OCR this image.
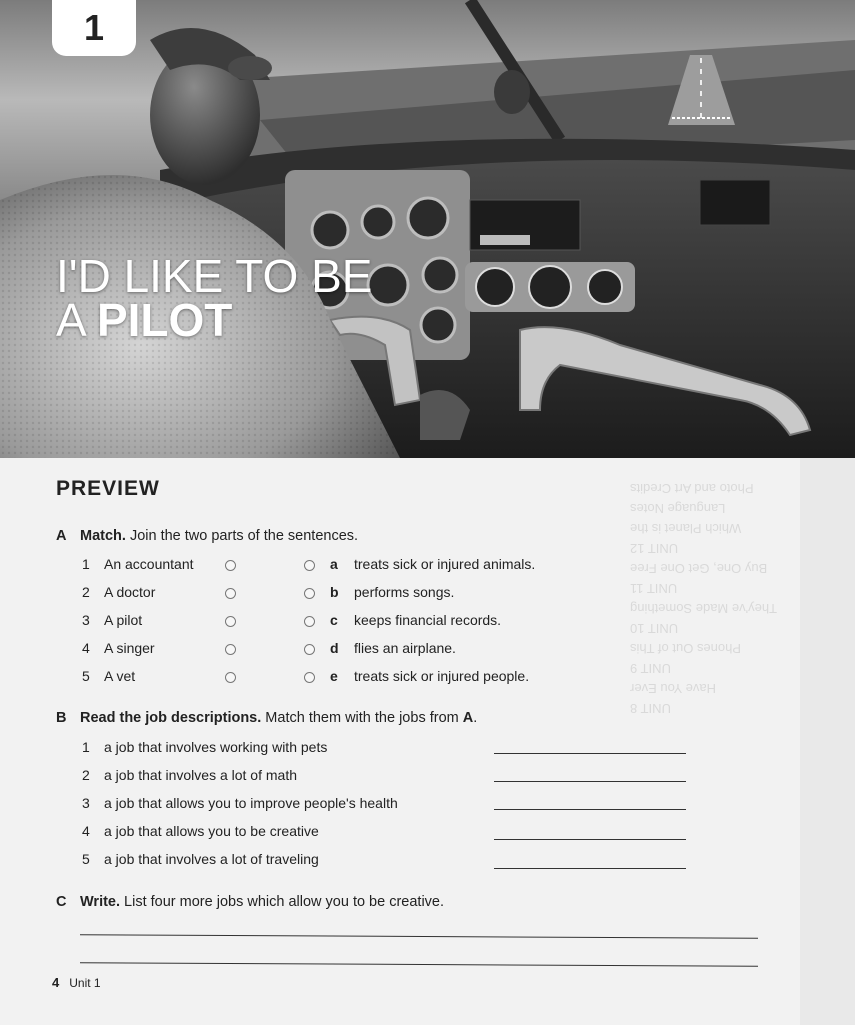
1
I'D LIKE TO BE
A PILOT
UNIT 8
Have You Ever
UNIT 9
Phones Out of This
UNIT 10
They've Made Something
UNIT 11
Buy One, Get One Free
UNIT 12
Which Planet is the
Language Notes
Photo and Art Credits
PREVIEW
A Match. Join the two parts of the sentences.
1 An accountant	a treats sick or injured animals.
2 A doctor	b performs songs.
3 A pilot	c keeps financial records.
4 A singer	d flies an airplane.
5 A vet	e treats sick or injured people.
B Read the job descriptions. Match them with the jobs from A.
1 a job that involves working with pets
2 a job that involves a lot of math
3 a job that allows you to improve people's health
4 a job that allows you to be creative
5 a job that involves a lot of traveling
C Write. List four more jobs which allow you to be creative.
4 Unit 1
